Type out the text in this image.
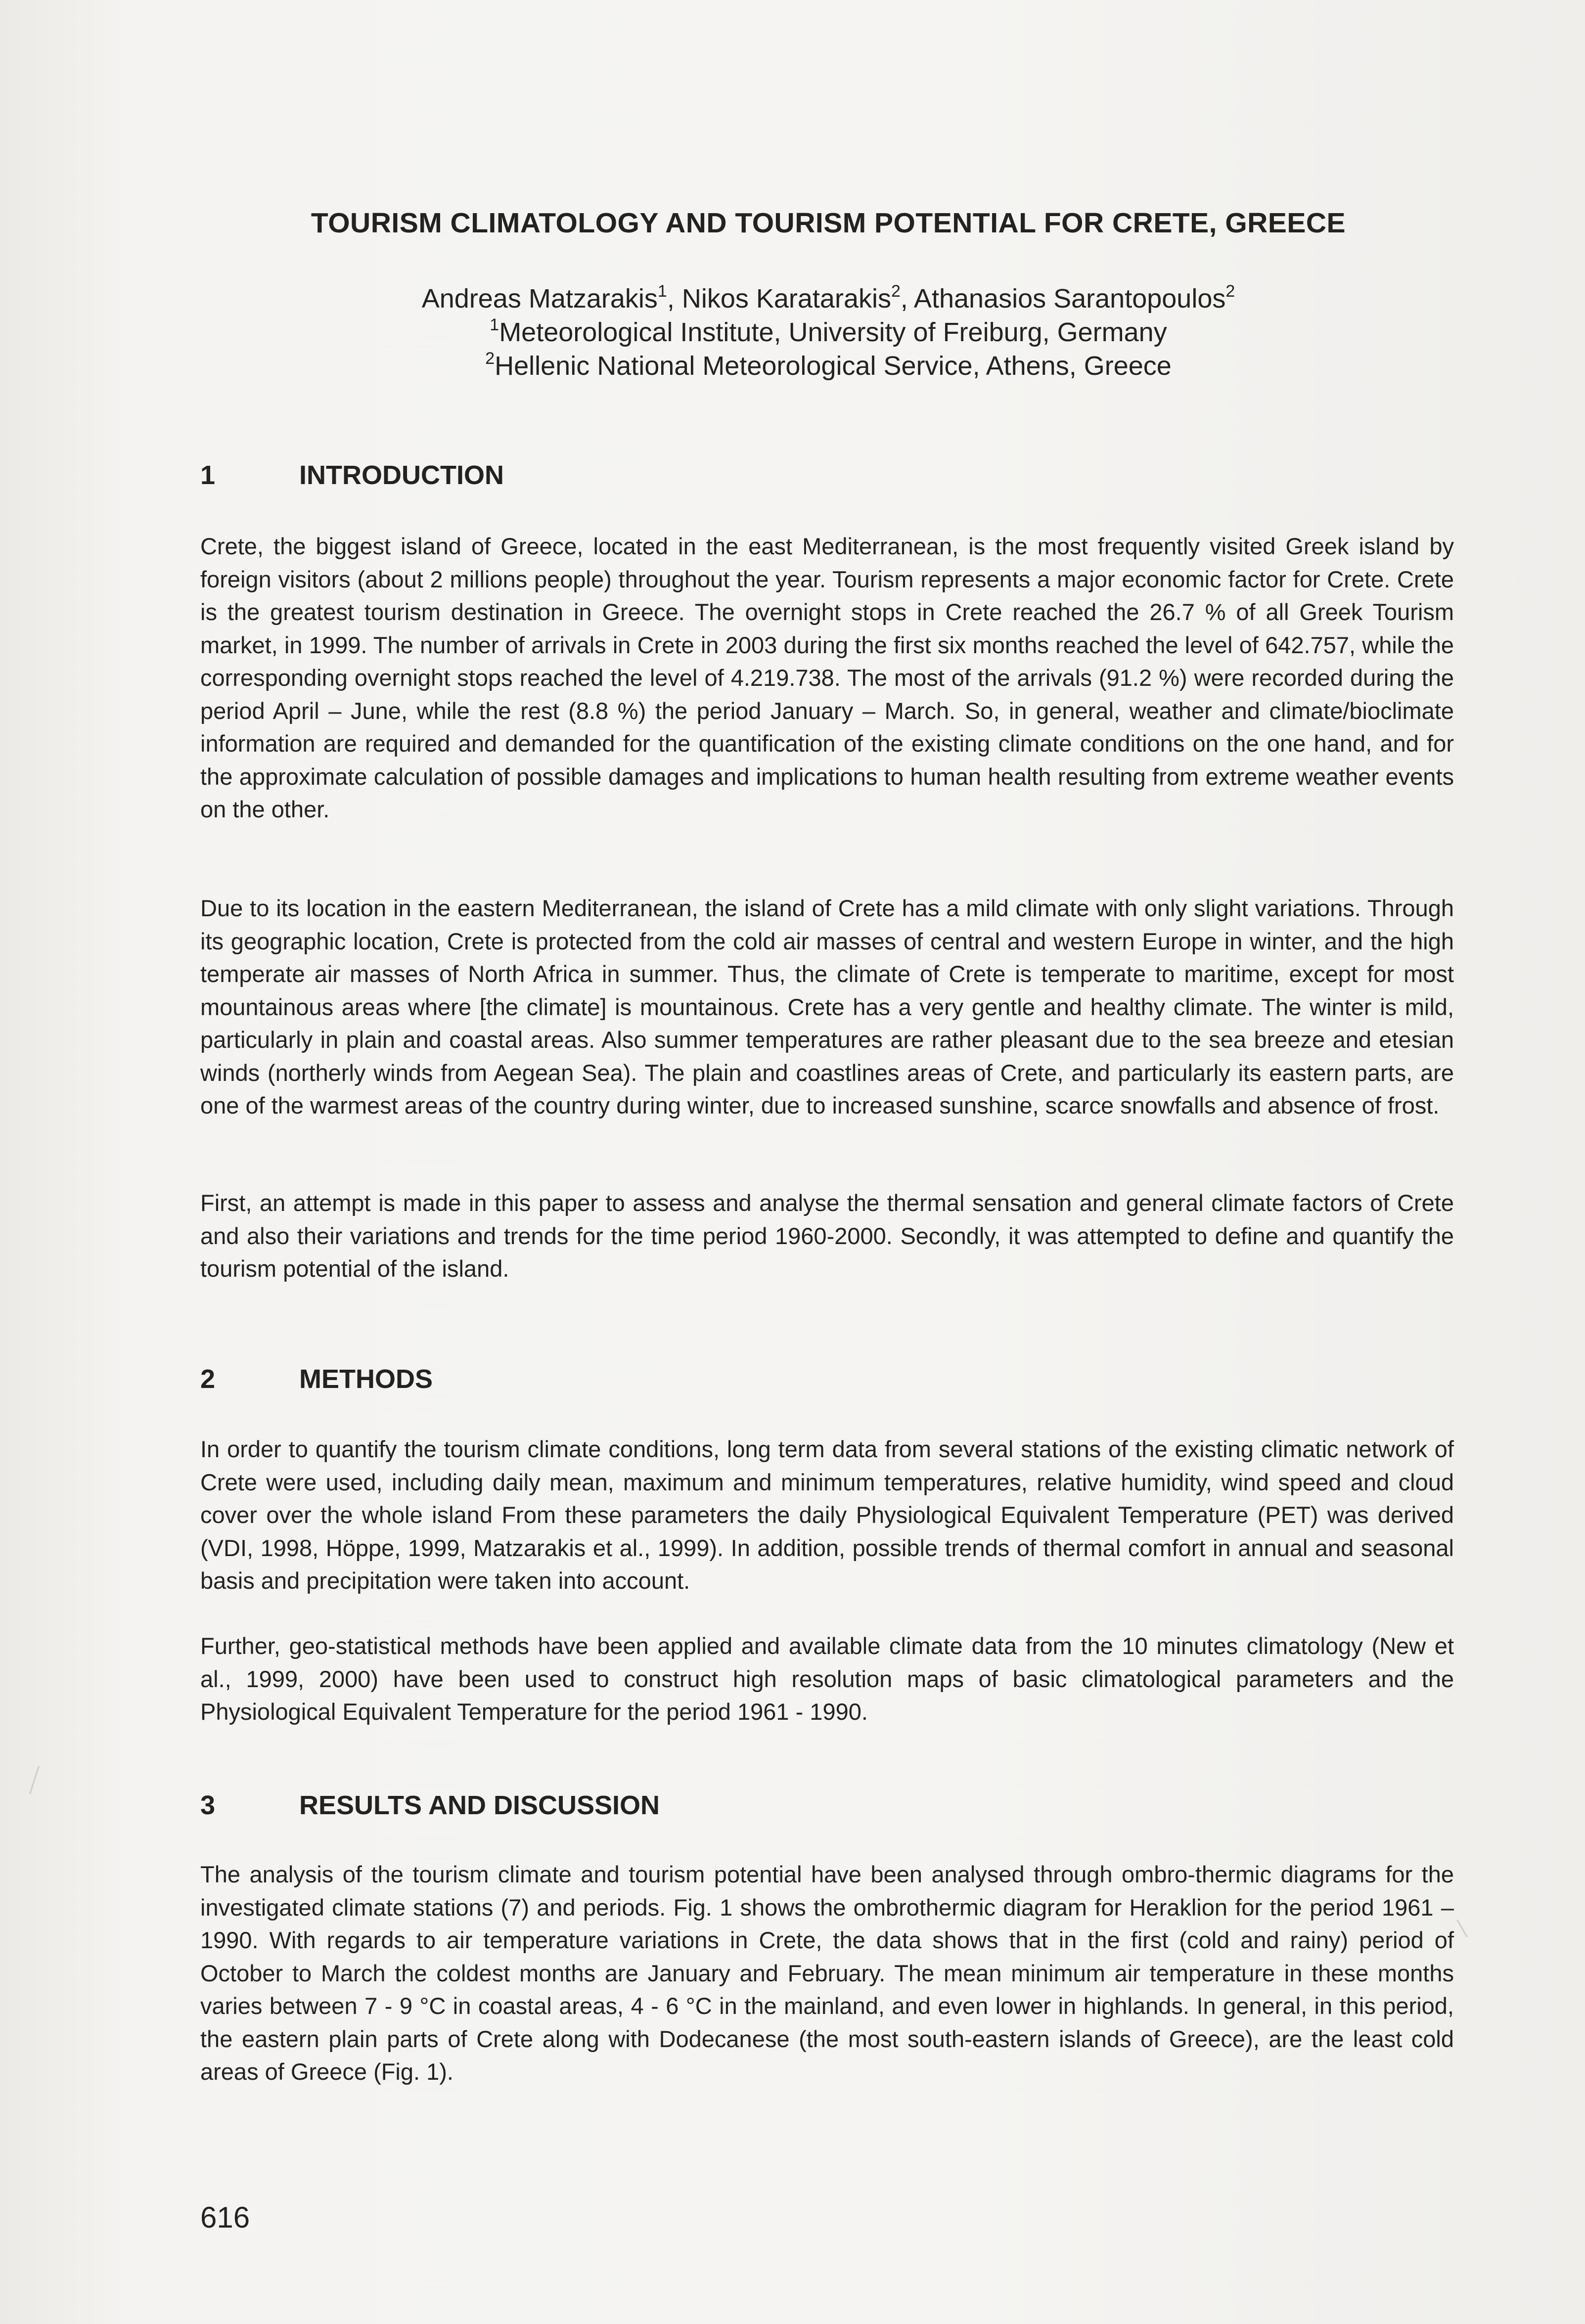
TOURISM CLIMATOLOGY AND TOURISM POTENTIAL FOR CRETE, GREECE
Andreas Matzarakis$^1$, Nikos Karatarakis$^2$, Athanasios Sarantopoulos$^2$
$^1$Meteorological Institute, University of Freiburg, Germany
$^2$Hellenic National Meteorological Service, Athens, Greece
1	INTRODUCTION
Crete, the biggest island of Greece, located in the east Mediterranean, is the most frequently visited Greek island by foreign visitors (about 2 millions people) throughout the year. Tourism represents a major economic factor for Crete. Crete is the greatest tourism destination in Greece. The overnight stops in Crete reached the 26.7 % of all Greek Tourism market, in 1999. The number of arrivals in Crete in 2003 during the first six months reached the level of 642.757, while the corresponding overnight stops reached the level of 4.219.738. The most of the arrivals (91.2 %) were recorded during the period April – June, while the rest (8.8 %) the period January – March. So, in general, weather and climate/bioclimate information are required and demanded for the quantification of the existing climate conditions on the one hand, and for the approximate calculation of possible damages and implications to human health resulting from extreme weather events on the other.
Due to its location in the eastern Mediterranean, the island of Crete has a mild climate with only slight variations. Through its geographic location, Crete is protected from the cold air masses of central and western Europe in winter, and the high temperate air masses of North Africa in summer. Thus, the climate of Crete is temperate to maritime, except for most mountainous areas where [the climate] is mountainous. Crete has a very gentle and healthy climate. The winter is mild, particularly in plain and coastal areas. Also summer temperatures are rather pleasant due to the sea breeze and etesian winds (northerly winds from Aegean Sea). The plain and coastlines areas of Crete, and particularly its eastern parts, are one of the warmest areas of the country during winter, due to increased sunshine, scarce snowfalls and absence of frost.
First, an attempt is made in this paper to assess and analyse the thermal sensation and general climate factors of Crete and also their variations and trends for the time period 1960-2000. Secondly, it was attempted to define and quantify the tourism potential of the island.
2	METHODS
In order to quantify the tourism climate conditions, long term data from several stations of the existing climatic network of Crete were used, including daily mean, maximum and minimum temperatures, relative humidity, wind speed and cloud cover over the whole island From these parameters the daily Physiological Equivalent Temperature (PET) was derived (VDI, 1998, Höppe, 1999, Matzarakis et al., 1999). In addition, possible trends of thermal comfort in annual and seasonal basis and precipitation were taken into account.
Further, geo-statistical methods have been applied and available climate data from the 10 minutes climatology (New et al., 1999, 2000) have been used to construct high resolution maps of basic climatological parameters and the Physiological Equivalent Temperature for the period 1961 - 1990.
3	RESULTS AND DISCUSSION
The analysis of the tourism climate and tourism potential have been analysed through ombro-thermic diagrams for the investigated climate stations (7) and periods. Fig. 1 shows the ombrothermic diagram for Heraklion for the period 1961 – 1990. With regards to air temperature variations in Crete, the data shows that in the first (cold and rainy) period of October to March the coldest months are January and February. The mean minimum air temperature in these months varies between 7 - 9 °C in coastal areas, 4 - 6 °C in the mainland, and even lower in highlands. In general, in this period, the eastern plain parts of Crete along with Dodecanese (the most south-eastern islands of Greece), are the least cold areas of Greece (Fig. 1).
616
